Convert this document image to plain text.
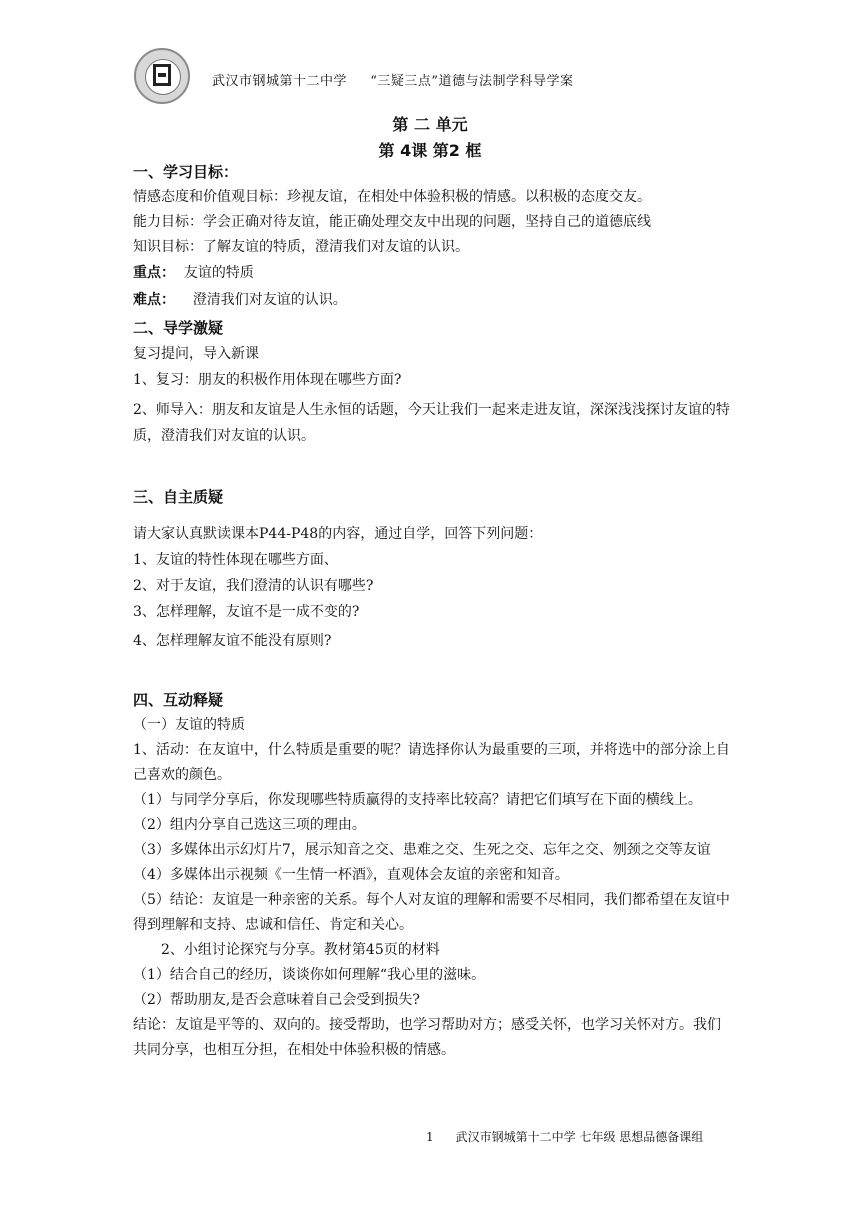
武汉市钢城第十二中学 “三疑三点”道德与法制学科导学案
第 二 单元
第 4课 第2 框

一、学习目标：

情感态度和价值观目标：珍视友谊，在相处中体验积极的情感。以积极的态度交友。

能力目标：学会正确对待友谊，能正确处理交友中出现的问题，坚持自己的道德底线

知识目标：了解友谊的特质，澄清我们对友谊的认识。

重点： 友谊的特质

难点： 澄清我们对友谊的认识。

二、导学激疑

复习提问，导入新课

1、复习：朋友的积极作用体现在哪些方面?

2、师导入：朋友和友谊是人生永恒的话题，今天让我们一起来走进友谊，深深浅浅探讨友谊的特质，澄清我们对友谊的认识。

三、自主质疑

请大家认真默读课本P44-P48的内容，通过自学，回答下列问题：

1、友谊的特性体现在哪些方面、

2、对于友谊，我们澄清的认识有哪些?

3、怎样理解，友谊不是一成不变的?

4、怎样理解友谊不能没有原则?

四、互动释疑

（一）友谊的特质

1、活动：在友谊中，什么特质是重要的呢？请选择你认为最重要的三项，并将选中的部分涂上自己喜欢的颜色。

（1）与同学分享后，你发现哪些特质赢得的支持率比较高？请把它们填写在下面的横线上。

（2）组内分享自己选这三项的理由。

（3）多媒体出示幻灯片7，展示知音之交、患难之交、生死之交、忘年之交、刎颈之交等友谊

（4）多媒体出示视频《一生情一杯酒》，直观体会友谊的亲密和知音。

（5）结论：友谊是一种亲密的关系。每个人对友谊的理解和需要不尽相同，我们都希望在友谊中得到理解和支持、忠诚和信任、肯定和关心。

2、小组讨论探究与分享。教材第45页的材料

（1）结合自己的经历，谈谈你如何理解“我心里的滋味。

（2）帮助朋友,是否会意味着自己会受到损失?

结论：友谊是平等的、双向的。接受帮助，也学习帮助对方；感受关怀，也学习关怀对方。我们共同分享，也相互分担，在相处中体验积极的情感。

1 武汉市钢城第十二中学 七年级 思想品德备课组
